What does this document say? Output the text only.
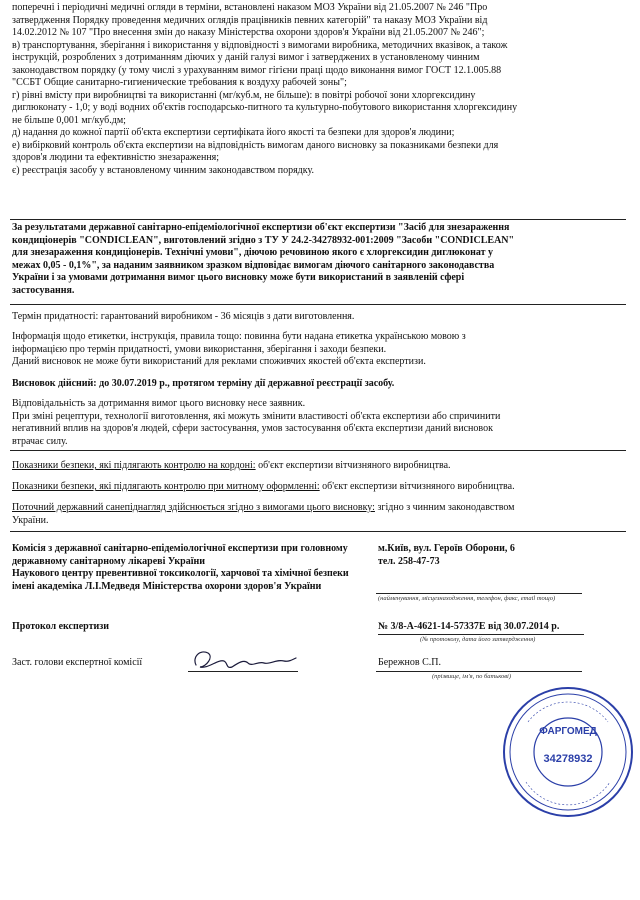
поперечні і періодичні медичні огляди в терміни, встановлені наказом МОЗ України від 21.05.2007 № 246 "Про
затвердження Порядку проведення медичних оглядів працівників певних категорій" та наказу МОЗ України від
14.02.2012 № 107 "Про внесення змін до наказу Міністерства охорони здоров'я України від 21.05.2007 № 246";
в) транспортування, зберігання і використання у відповідності з вимогами виробника, методичних вказівок, а також
інструкцій, розроблених з дотриманням діючих у даній галузі вимог і затверджених в установленому чинним
законодавством порядку (у тому числі з урахуванням вимог гігієни праці щодо виконання вимог ГОСТ 12.1.005.88
"ССБТ Общие санитарно-гигиенические требования к воздуху рабочей зоны";
г) рівні вмісту при виробництві та використанні (мг/куб.м, не більше): в повітрі робочої зони хлоргексидину
диглюконату - 1,0; у воді водних об'єктів господарсько-питного та культурно-побутового використання хлоргексидину
не більше 0,001 мг/куб.дм;
д) надання до кожної партії об'єкта експертизи сертифіката його якості та безпеки для здоров'я людини;
е) вибірковий контроль об'єкта експертизи на відповідність вимогам даного висновку за показниками безпеки для
здоров'я людини та ефективністю знезараження;
є) реєстрація засобу у встановленому чинним законодавством порядку.
За результатами державної санітарно-епідеміологічної експертизи об'єкт експертизи "Засіб для знезараження
кондиціонерів "CONDICLEAN", виготовлений згідно з ТУ У 24.2-34278932-001:2009 "Засоби "CONDICLEAN"
для знезараження кондиціонерів. Технічні умови", діючою речовиною якого є хлоргексидин диглюконат у
межах 0,05 - 0,1%", за наданим заявником зразком відповідає вимогам діючого санітарного законодавства
України і за умовами дотримання вимог цього висновку може бути використаний в заявленій сфері
застосування.
Термін придатності: гарантований виробником - 36 місяців з дати виготовлення.
Інформація щодо етикетки, інструкція, правила тощо: повинна бути надана етикетка українською мовою з
інформацією про термін придатності, умови використання, зберігання і заходи безпеки.
Даний висновок не може бути використаний для реклами споживчих якостей об'єкта експертизи.
Висновок дійсний: до 30.07.2019 р., протягом терміну дії державної реєстрації засобу.
Відповідальність за дотримання вимог цього висновку несе заявник.
При зміні рецептури, технології виготовлення, які можуть змінити властивості об'єкта експертизи або спричинити
негативний вплив на здоров'я людей, сфери застосування, умов застосування об'єкта експертизи даний висновок
втрачає силу.
Показники безпеки, які підлягають контролю на кордоні: об'єкт експертизи вітчизняного виробництва.
Показники безпеки, які підлягають контролю при митному оформленні: об'єкт експертизи вітчизняного виробництва.
Поточний державний санепіднагляд здійснюється згідно з вимогами цього висновку: згідно з чинним законодавством
України.
Комісія з державної санітарно-епідеміологічної експертизи при головному
державному санітарному лікареві України
Наукового центру превентивної токсикології, харчової та хімічної безпеки
імені академіка Л.І.Медведя Міністерства охорони здоров'я України
м.Київ, вул. Героїв Оборони, 6
тел. 258-47-73
(найменування, місцезнаходження, телефон, факс, email тощо)
Протокол експертизи	№ 3/8-А-4621-14-57337Е від 30.07.2014 р.
(№ протоколу, дата його затвердження)
Заст. голови експертної комісії	Бережнов С.П.
(прізвище, ім'я, по батькові)
ФАРГОМЕД
34278932
